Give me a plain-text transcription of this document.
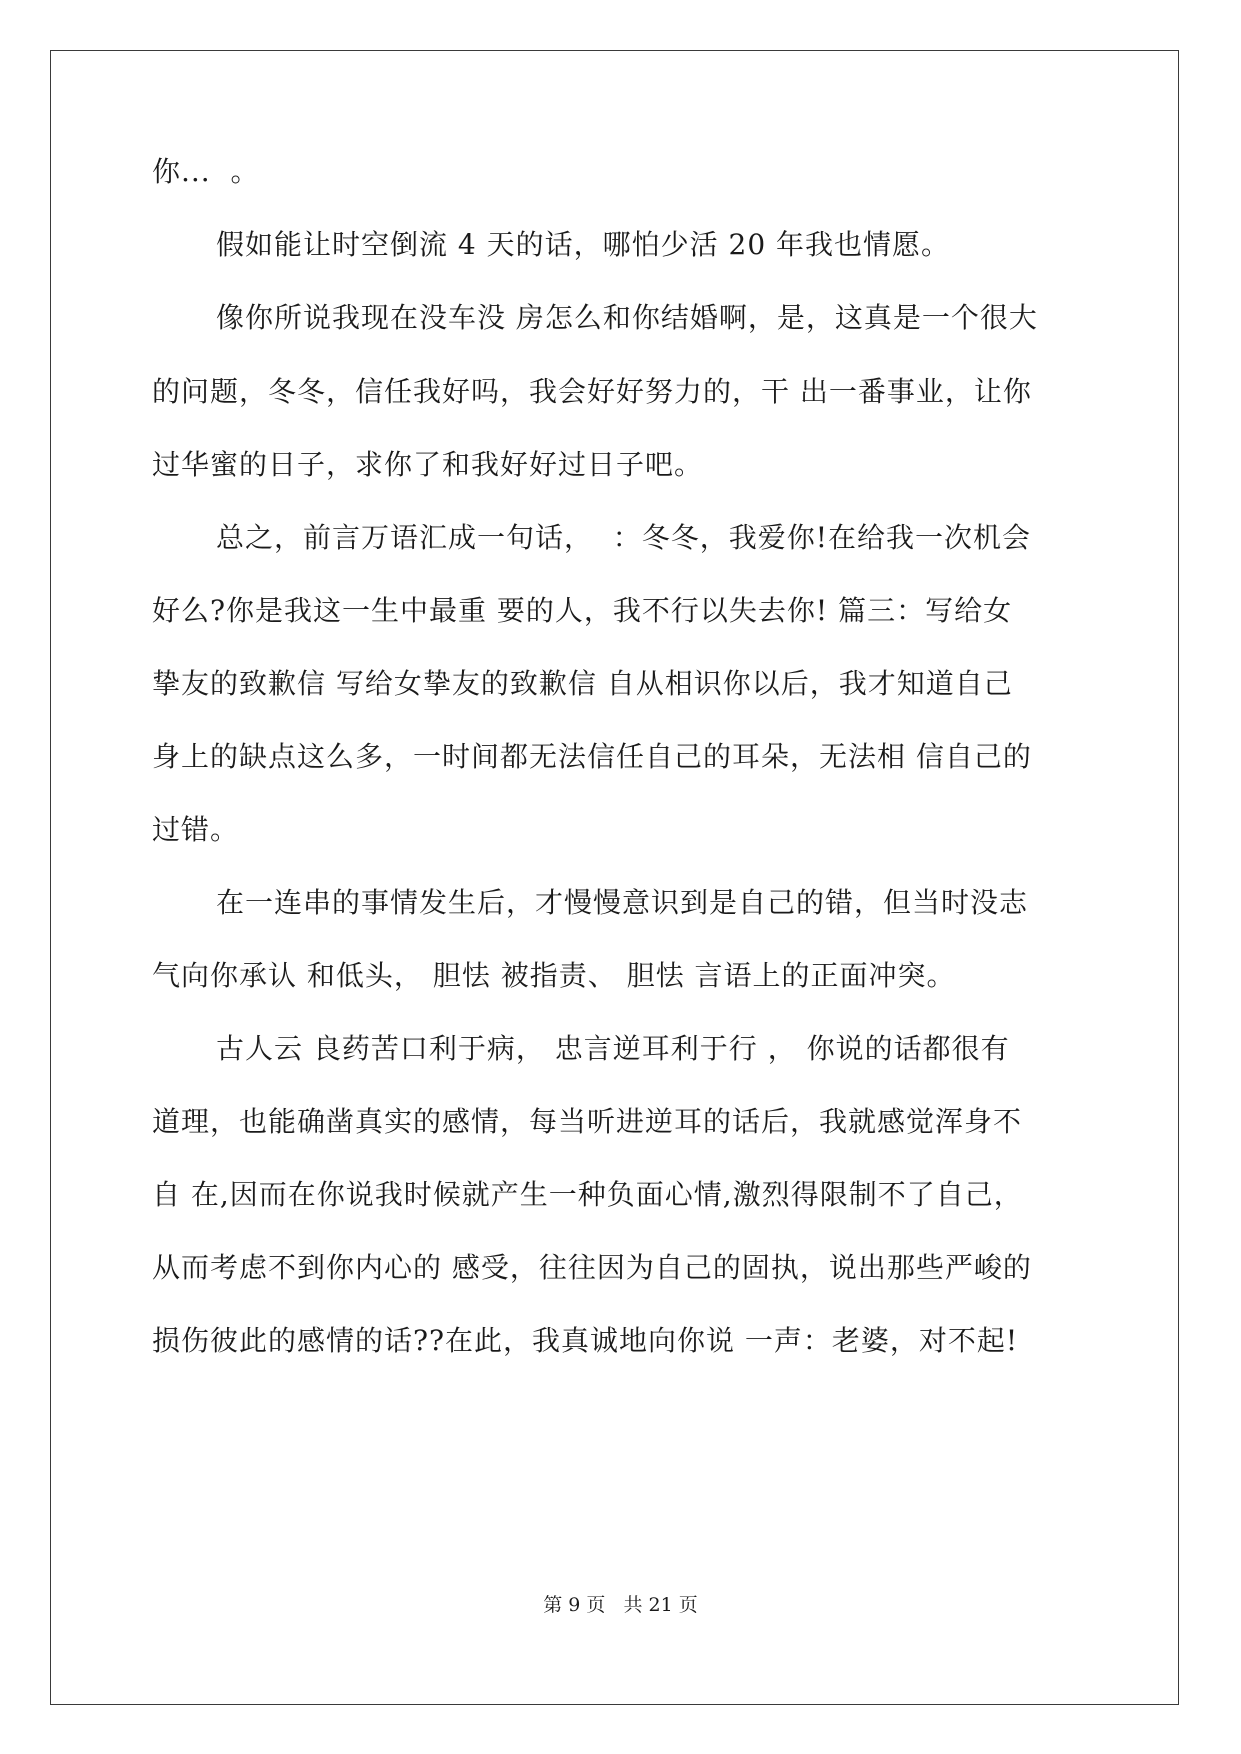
你...  。

假如能让时空倒流 4 天的话，哪怕少活 20 年我也情愿。

像你所说我现在没车没 房怎么和你结婚啊，是，这真是一个很大

的问题，冬冬，信任我好吗，我会好好努力的，干 出一番事业，让你

过华蜜的日子，求你了和我好好过日子吧。

总之，前言万语汇成一句话，  ：冬冬，我爱你!在给我一次机会

好么?你是我这一生中最重 要的人，我不行以失去你! 篇三：写给女

挚友的致歉信 写给女挚友的致歉信 自从相识你以后，我才知道自己

身上的缺点这么多，一时间都无法信任自己的耳朵，无法相 信自己的

过错。

在一连串的事情发生后，才慢慢意识到是自己的错，但当时没志

气向你承认 和低头， 胆怯 被指责、 胆怯 言语上的正面冲突。

古人云 良药苦口利于病， 忠言逆耳利于行 ， 你说的话都很有

道理，也能确凿真实的感情，每当听进逆耳的话后，我就感觉浑身不

自 在,因而在你说我时候就产生一种负面心情,激烈得限制不了自己，

从而考虑不到你内心的 感受，往往因为自己的固执，说出那些严峻的

损伤彼此的感情的话??在此，我真诚地向你说 一声：老婆，对不起!

第 9 页   共 21 页
